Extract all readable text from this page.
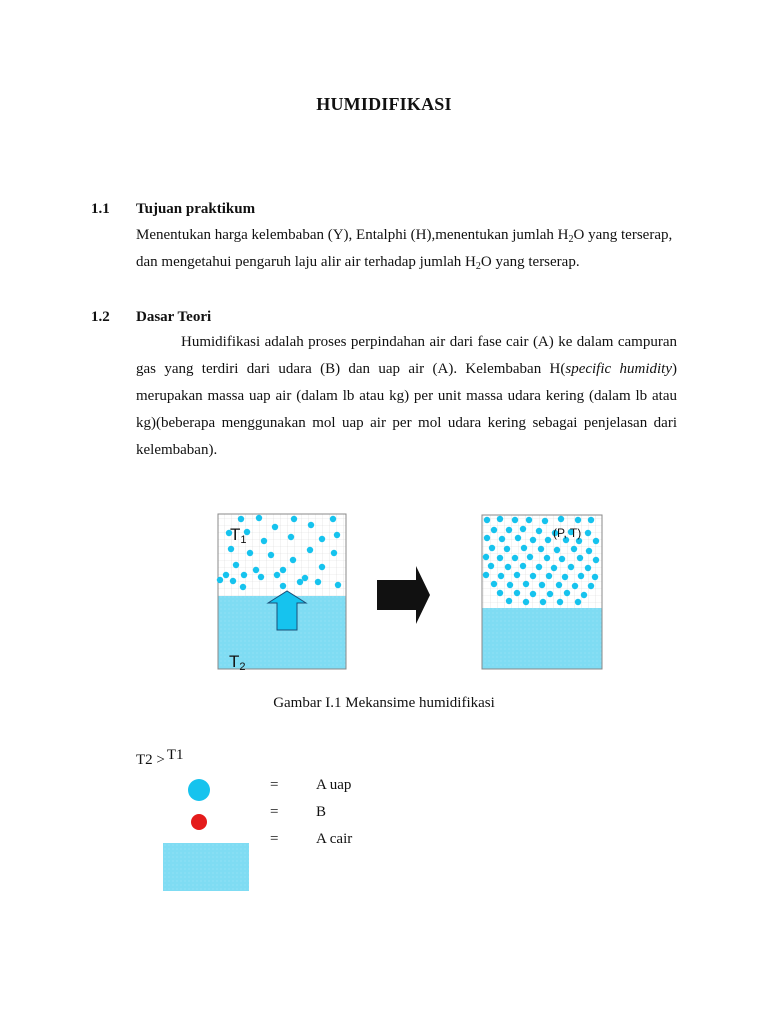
HUMIDIFIKASI
1.1 Tujuan praktikum

Menentukan harga kelembaban (Y), Entalphi (H),menentukan jumlah $H_2O$ yang terserap,

dan mengetahui pengaruh laju alir air terhadap jumlah $H_2O$ yang terserap.

1.2 Dasar Teori

Humidifikasi adalah proses perpindahan air dari fase cair (A) ke dalam campuran gas yang terdiri dari udara (B) dan uap air (A). Kelembaban H(specific humidity) merupakan massa uap air (dalam lb atau kg) per unit massa udara kering (dalam lb atau kg)(beberapa menggunakan mol uap air per mol udara kering sebagai penjelasan dari kelembaban).

T1
T2
(P, T)
Gambar I.1 Mekansime humidifikasi
T2 > T1
=	A uap
=	B
=	A cair
